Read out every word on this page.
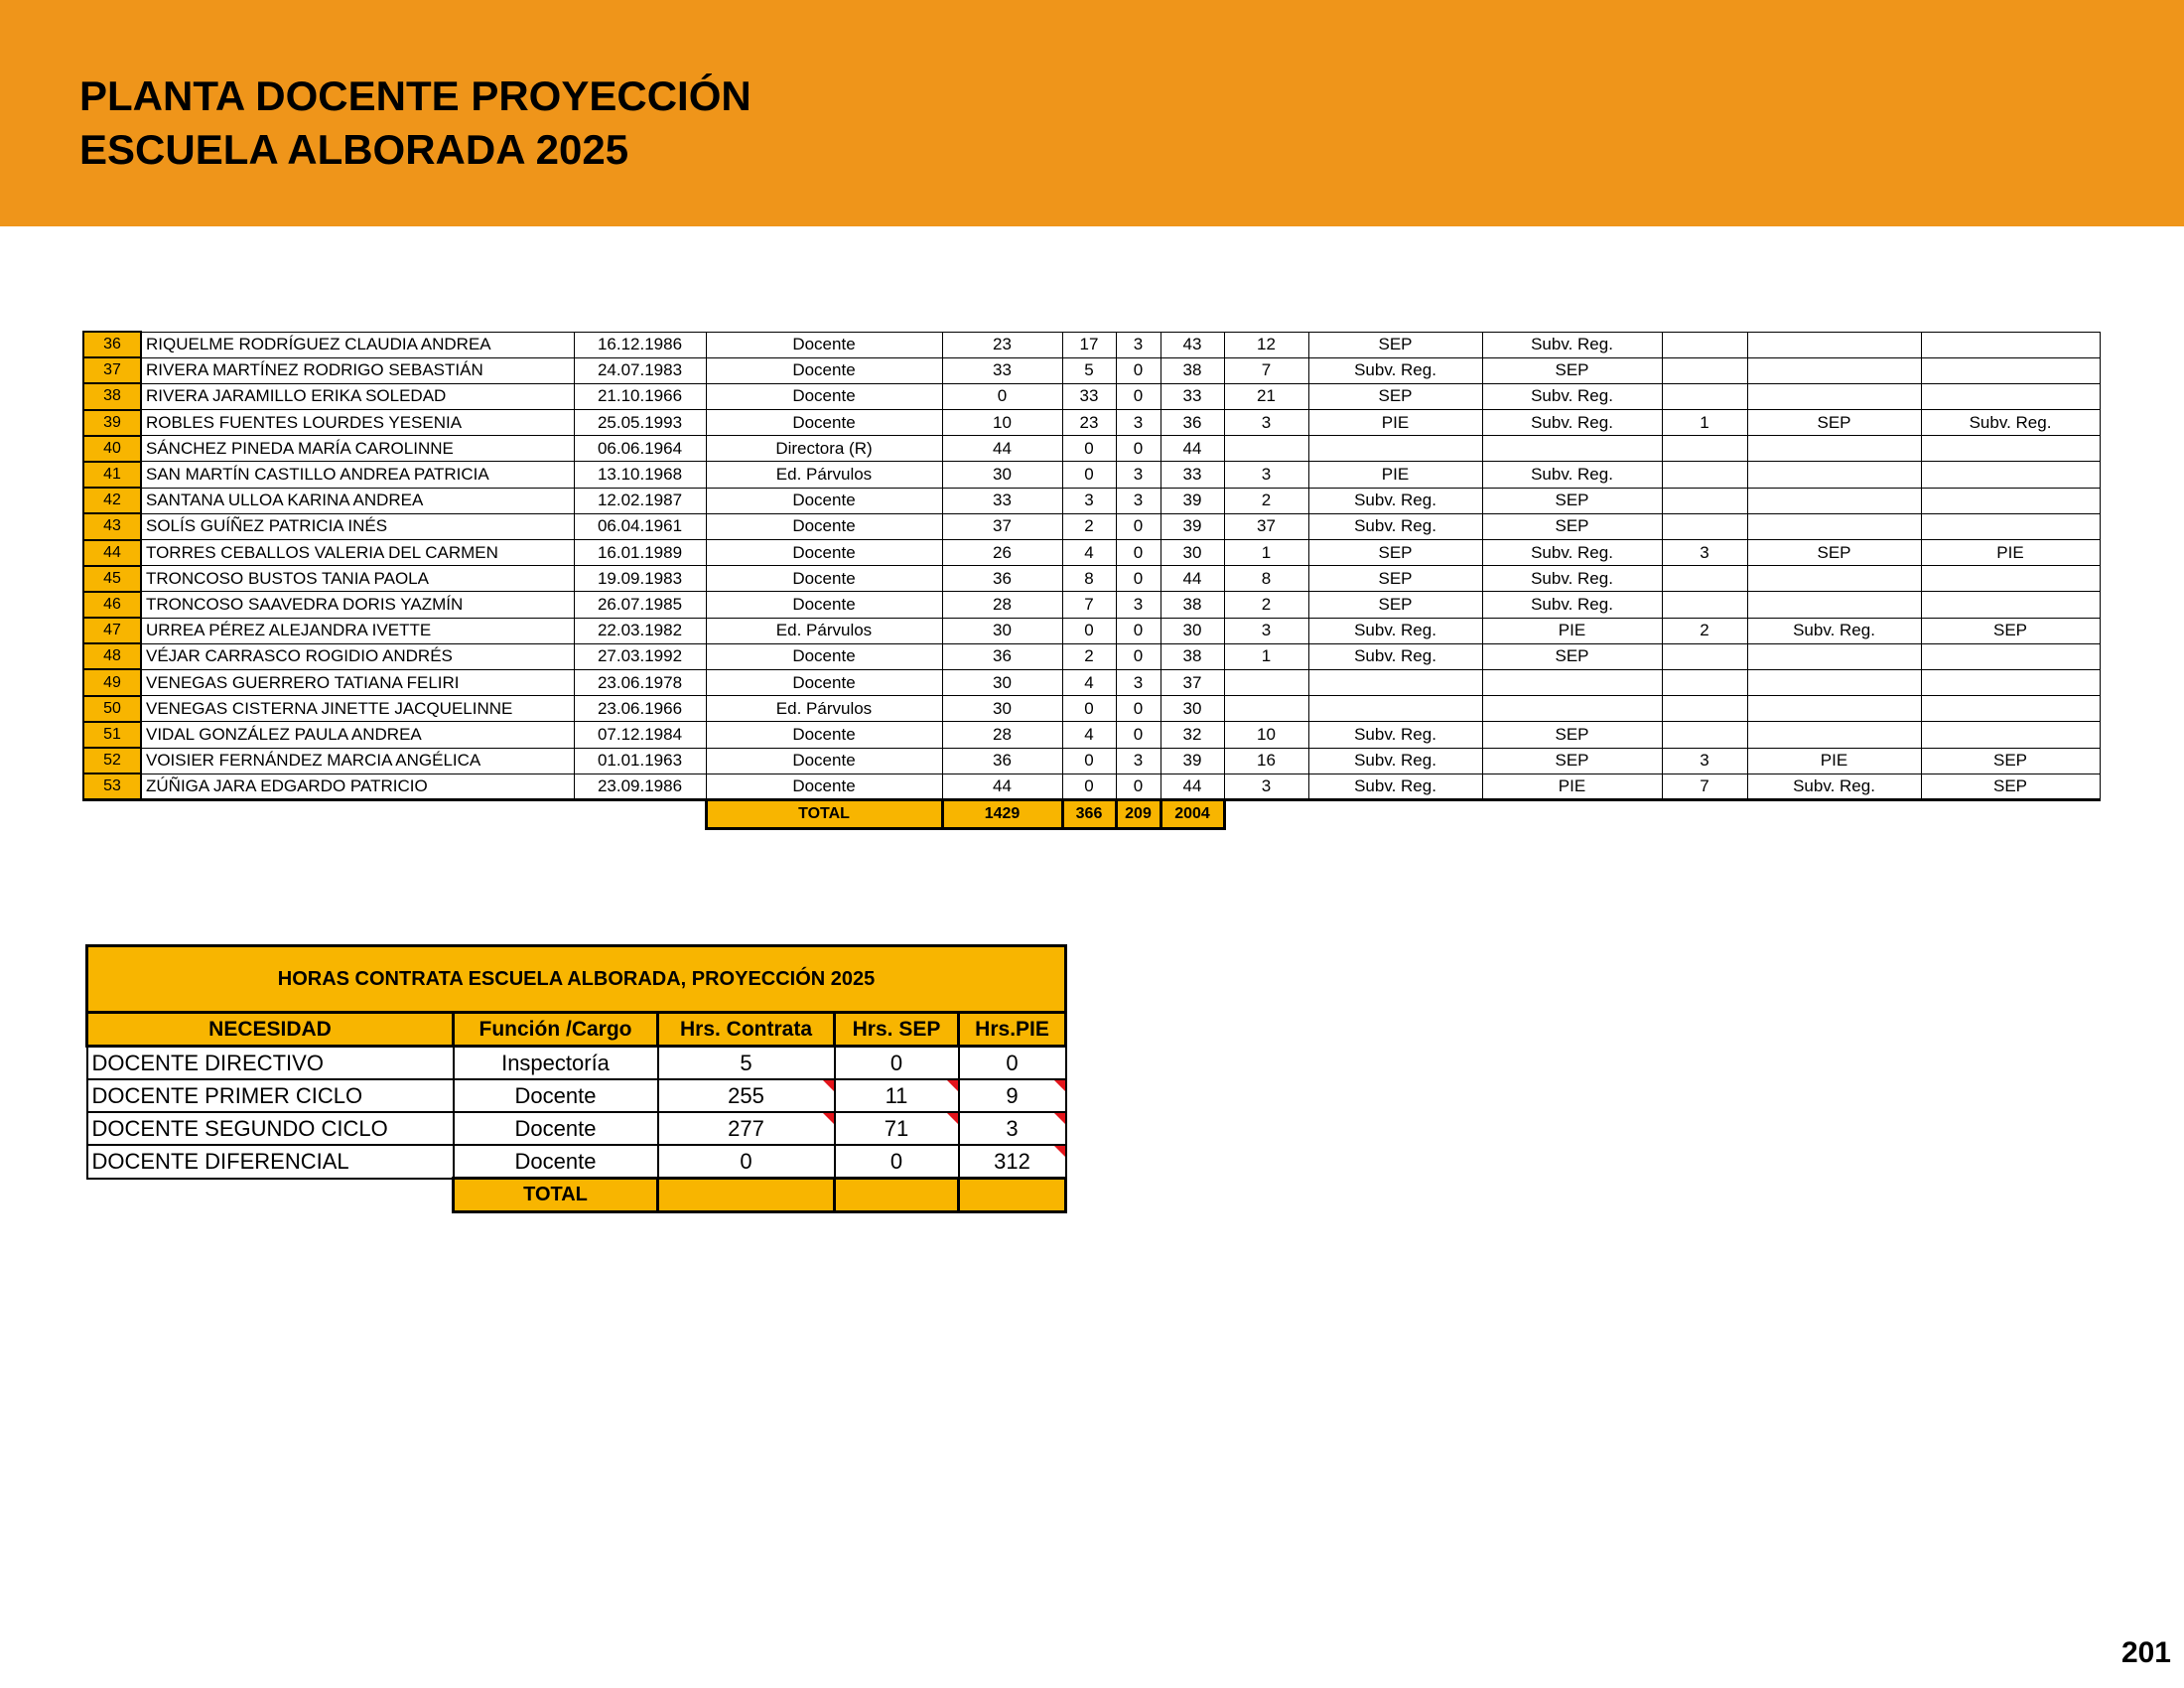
PLANTA DOCENTE PROYECCIÓN
ESCUELA ALBORADA 2025
36	RIQUELME RODRÍGUEZ CLAUDIA ANDREA	16.12.1986	Docente	23	17	3	43	12	SEP	Subv. Reg.			
37	RIVERA MARTÍNEZ RODRIGO SEBASTIÁN	24.07.1983	Docente	33	5	0	38	7	Subv. Reg.	SEP			
38	RIVERA JARAMILLO ERIKA SOLEDAD	21.10.1966	Docente	0	33	0	33	21	SEP	Subv. Reg.			
39	ROBLES FUENTES LOURDES YESENIA	25.05.1993	Docente	10	23	3	36	3	PIE	Subv. Reg.	1	SEP	Subv. Reg.
40	SÁNCHEZ PINEDA MARÍA CAROLINNE	06.06.1964	Directora (R)	44	0	0	44						
41	SAN MARTÍN CASTILLO ANDREA PATRICIA	13.10.1968	Ed. Párvulos	30	0	3	33	3	PIE	Subv. Reg.			
42	SANTANA ULLOA KARINA ANDREA	12.02.1987	Docente	33	3	3	39	2	Subv. Reg.	SEP			
43	SOLÍS GUÍÑEZ PATRICIA INÉS	06.04.1961	Docente	37	2	0	39	37	Subv. Reg.	SEP			
44	TORRES CEBALLOS VALERIA DEL CARMEN	16.01.1989	Docente	26	4	0	30	1	SEP	Subv. Reg.	3	SEP	PIE
45	TRONCOSO BUSTOS TANIA PAOLA	19.09.1983	Docente	36	8	0	44	8	SEP	Subv. Reg.			
46	TRONCOSO SAAVEDRA DORIS YAZMÍN	26.07.1985	Docente	28	7	3	38	2	SEP	Subv. Reg.			
47	URREA PÉREZ ALEJANDRA IVETTE	22.03.1982	Ed. Párvulos	30	0	0	30	3	Subv. Reg.	PIE	2	Subv. Reg.	SEP
48	VÉJAR CARRASCO ROGIDIO ANDRÉS	27.03.1992	Docente	36	2	0	38	1	Subv. Reg.	SEP			
49	VENEGAS GUERRERO TATIANA FELIRI	23.06.1978	Docente	30	4	3	37						
50	VENEGAS CISTERNA JINETTE JACQUELINNE	23.06.1966	Ed. Párvulos	30	0	0	30						
51	VIDAL GONZÁLEZ PAULA ANDREA	07.12.1984	Docente	28	4	0	32	10	Subv. Reg.	SEP			
52	VOISIER FERNÁNDEZ MARCIA ANGÉLICA	01.01.1963	Docente	36	0	3	39	16	Subv. Reg.	SEP	3	PIE	SEP
53	ZÚÑIGA JARA EDGARDO PATRICIO	23.09.1986	Docente	44	0	0	44	3	Subv. Reg.	PIE	7	Subv. Reg.	SEP
			TOTAL	1429	366	209	2004						
HORAS CONTRATA ESCUELA ALBORADA, PROYECCIÓN 2025				
NECESIDAD	Función /Cargo	Hrs. Contrata	Hrs. SEP	Hrs.PIE
DOCENTE DIRECTIVO	Inspectoría	5	0	0
DOCENTE PRIMER CICLO	Docente	255	11	9

DOCENTE SEGUNDO CICLO	Docente	277	71	3

DOCENTE DIFERENCIAL	Docente	0	0	312

	TOTAL			
201
